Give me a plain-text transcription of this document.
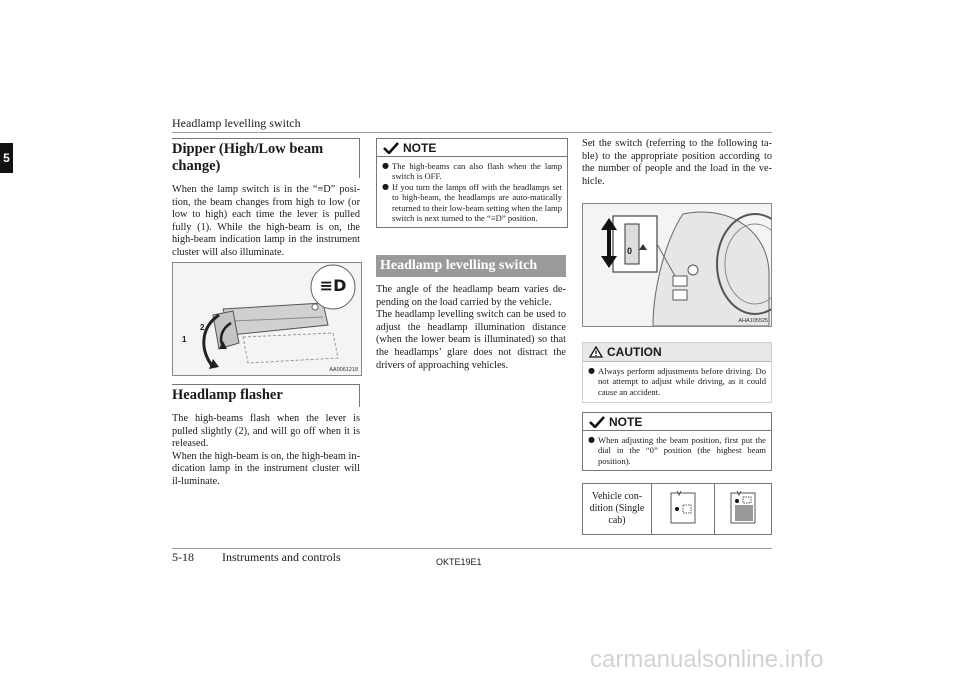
Headlamp levelling switch
5
Dipper (High/Low beam change)

When the lamp switch is in the “≡D” posi-tion, the beam changes from high to low (or low to high) each time the lever is pulled fully (1). While the high-beam is on, the high-beam indication lamp in the instrument cluster will also illuminate.

1
2
≡D
AA0061218
Headlamp flasher

The high-beams flash when the lever is pulled slightly (2), and will go off when it is released.

When the high-beam is on, the high-beam in-dication lamp in the instrument cluster will il-luminate.

NOTE
● The high-beams can also flash when the lamp switch is OFF.
● If you turn the lamps off with the headlamps set to high-beam, the headlamps are auto-matically returned to their low-beam setting when the lamp switch is next turned to the “≡D” position.
Headlamp levelling switch

The angle of the headlamp beam varies de-pending on the load carried by the vehicle.

The headlamp levelling switch can be used to adjust the headlamp illumination distance (when the lower beam is illuminated) so that the headlamps’ glare does not distract the drivers of approaching vehicles.

Set the switch (referring to the following ta-ble) to the appropriate position according to the number of people and the load in the ve-hicle.

0
AHA105525
CAUTION
● Always perform adjustments before driving. Do not attempt to adjust while driving, as it could cause an accident.
NOTE
● When adjusting the beam position, first put the dial in the “0” position (the highest beam position).
Vehicle con-dition (Single cab)		
5-18 Instruments and controls	OKTE19E1
carmanualsonline.info
